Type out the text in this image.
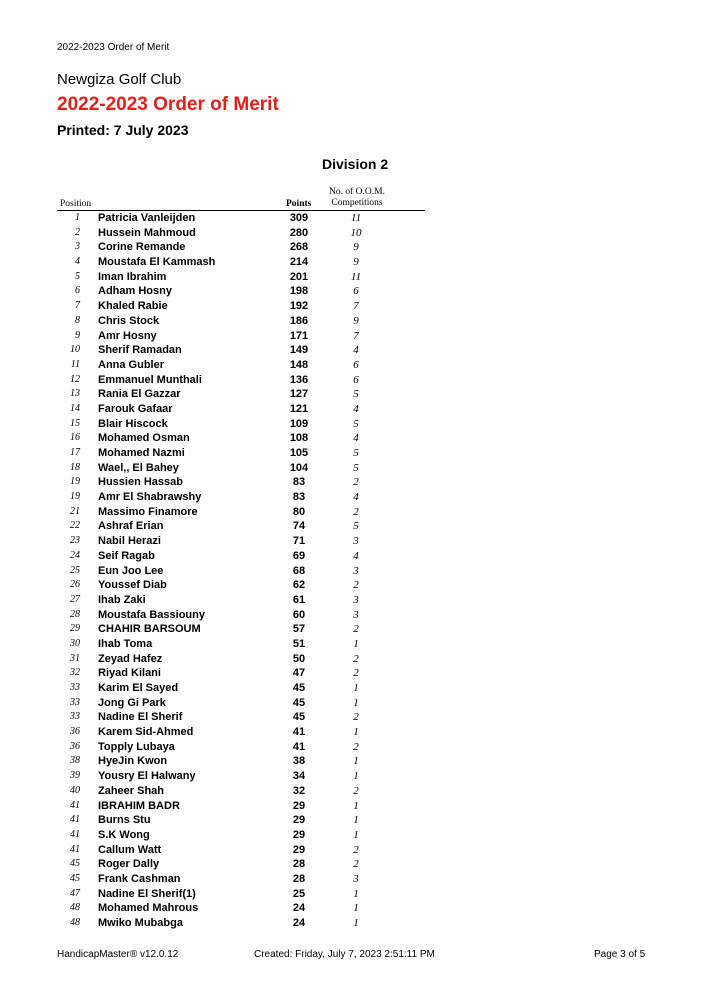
2022-2023 Order of Merit
Newgiza Golf Club
2022-2023 Order of Merit
Printed: 7 July 2023
Division 2
Position	Points
No. of O.O.M.
Competitions
1 Patricia Vanleijden	309	11
2 Hussein Mahmoud	280	10
3 Corine Remande	268	9
4 Moustafa El Kammash	214	9
5 Iman Ibrahim	201	11
6 Adham Hosny	198	6
7 Khaled Rabie	192	7
8 Chris Stock	186	9
9 Amr Hosny	171	7
10 Sherif Ramadan	149	4
11 Anna Gubler	148	6
12 Emmanuel Munthali	136	6
13 Rania El Gazzar	127	5
14 Farouk Gafaar	121	4
15 Blair Hiscock	109	5
16 Mohamed Osman	108	4
17 Mohamed Nazmi	105	5
18 Wael,, El Bahey	104	5
19 Hussien Hassab	83	2
19 Amr El Shabrawshy	83	4
21 Massimo Finamore	80	2
22 Ashraf Erian	74	5
23 Nabil Herazi	71	3
24 Seif Ragab	69	4
25 Eun Joo Lee	68	3
26 Youssef Diab	62	2
27 Ihab Zaki	61	3
28 Moustafa Bassiouny	60	3
29 CHAHIR BARSOUM	57	2
30 Ihab Toma	51	1
31 Zeyad Hafez	50	2
32 Riyad Kilani	47	2
33 Karim El Sayed	45	1
33 Jong Gi Park	45	1
33 Nadine El Sherif	45	2
36 Karem Sid-Ahmed	41	1
36 Topply Lubaya	41	2
38 HyeJin Kwon	38	1
39 Yousry El Halwany	34	1
40 Zaheer Shah	32	2
41 IBRAHIM BADR	29	1
41 Burns Stu	29	1
41 S.K Wong	29	1
41 Callum Watt	29	2
45 Roger Dally	28	2
45 Frank Cashman	28	3
47 Nadine El Sherif(1)	25	1
48 Mohamed Mahrous	24	1
48 Mwiko Mubabga	24	1
HandicapMaster® v12.0.12	Created: Friday, July 7, 2023 2:51:11 PM	Page 3 of 5
